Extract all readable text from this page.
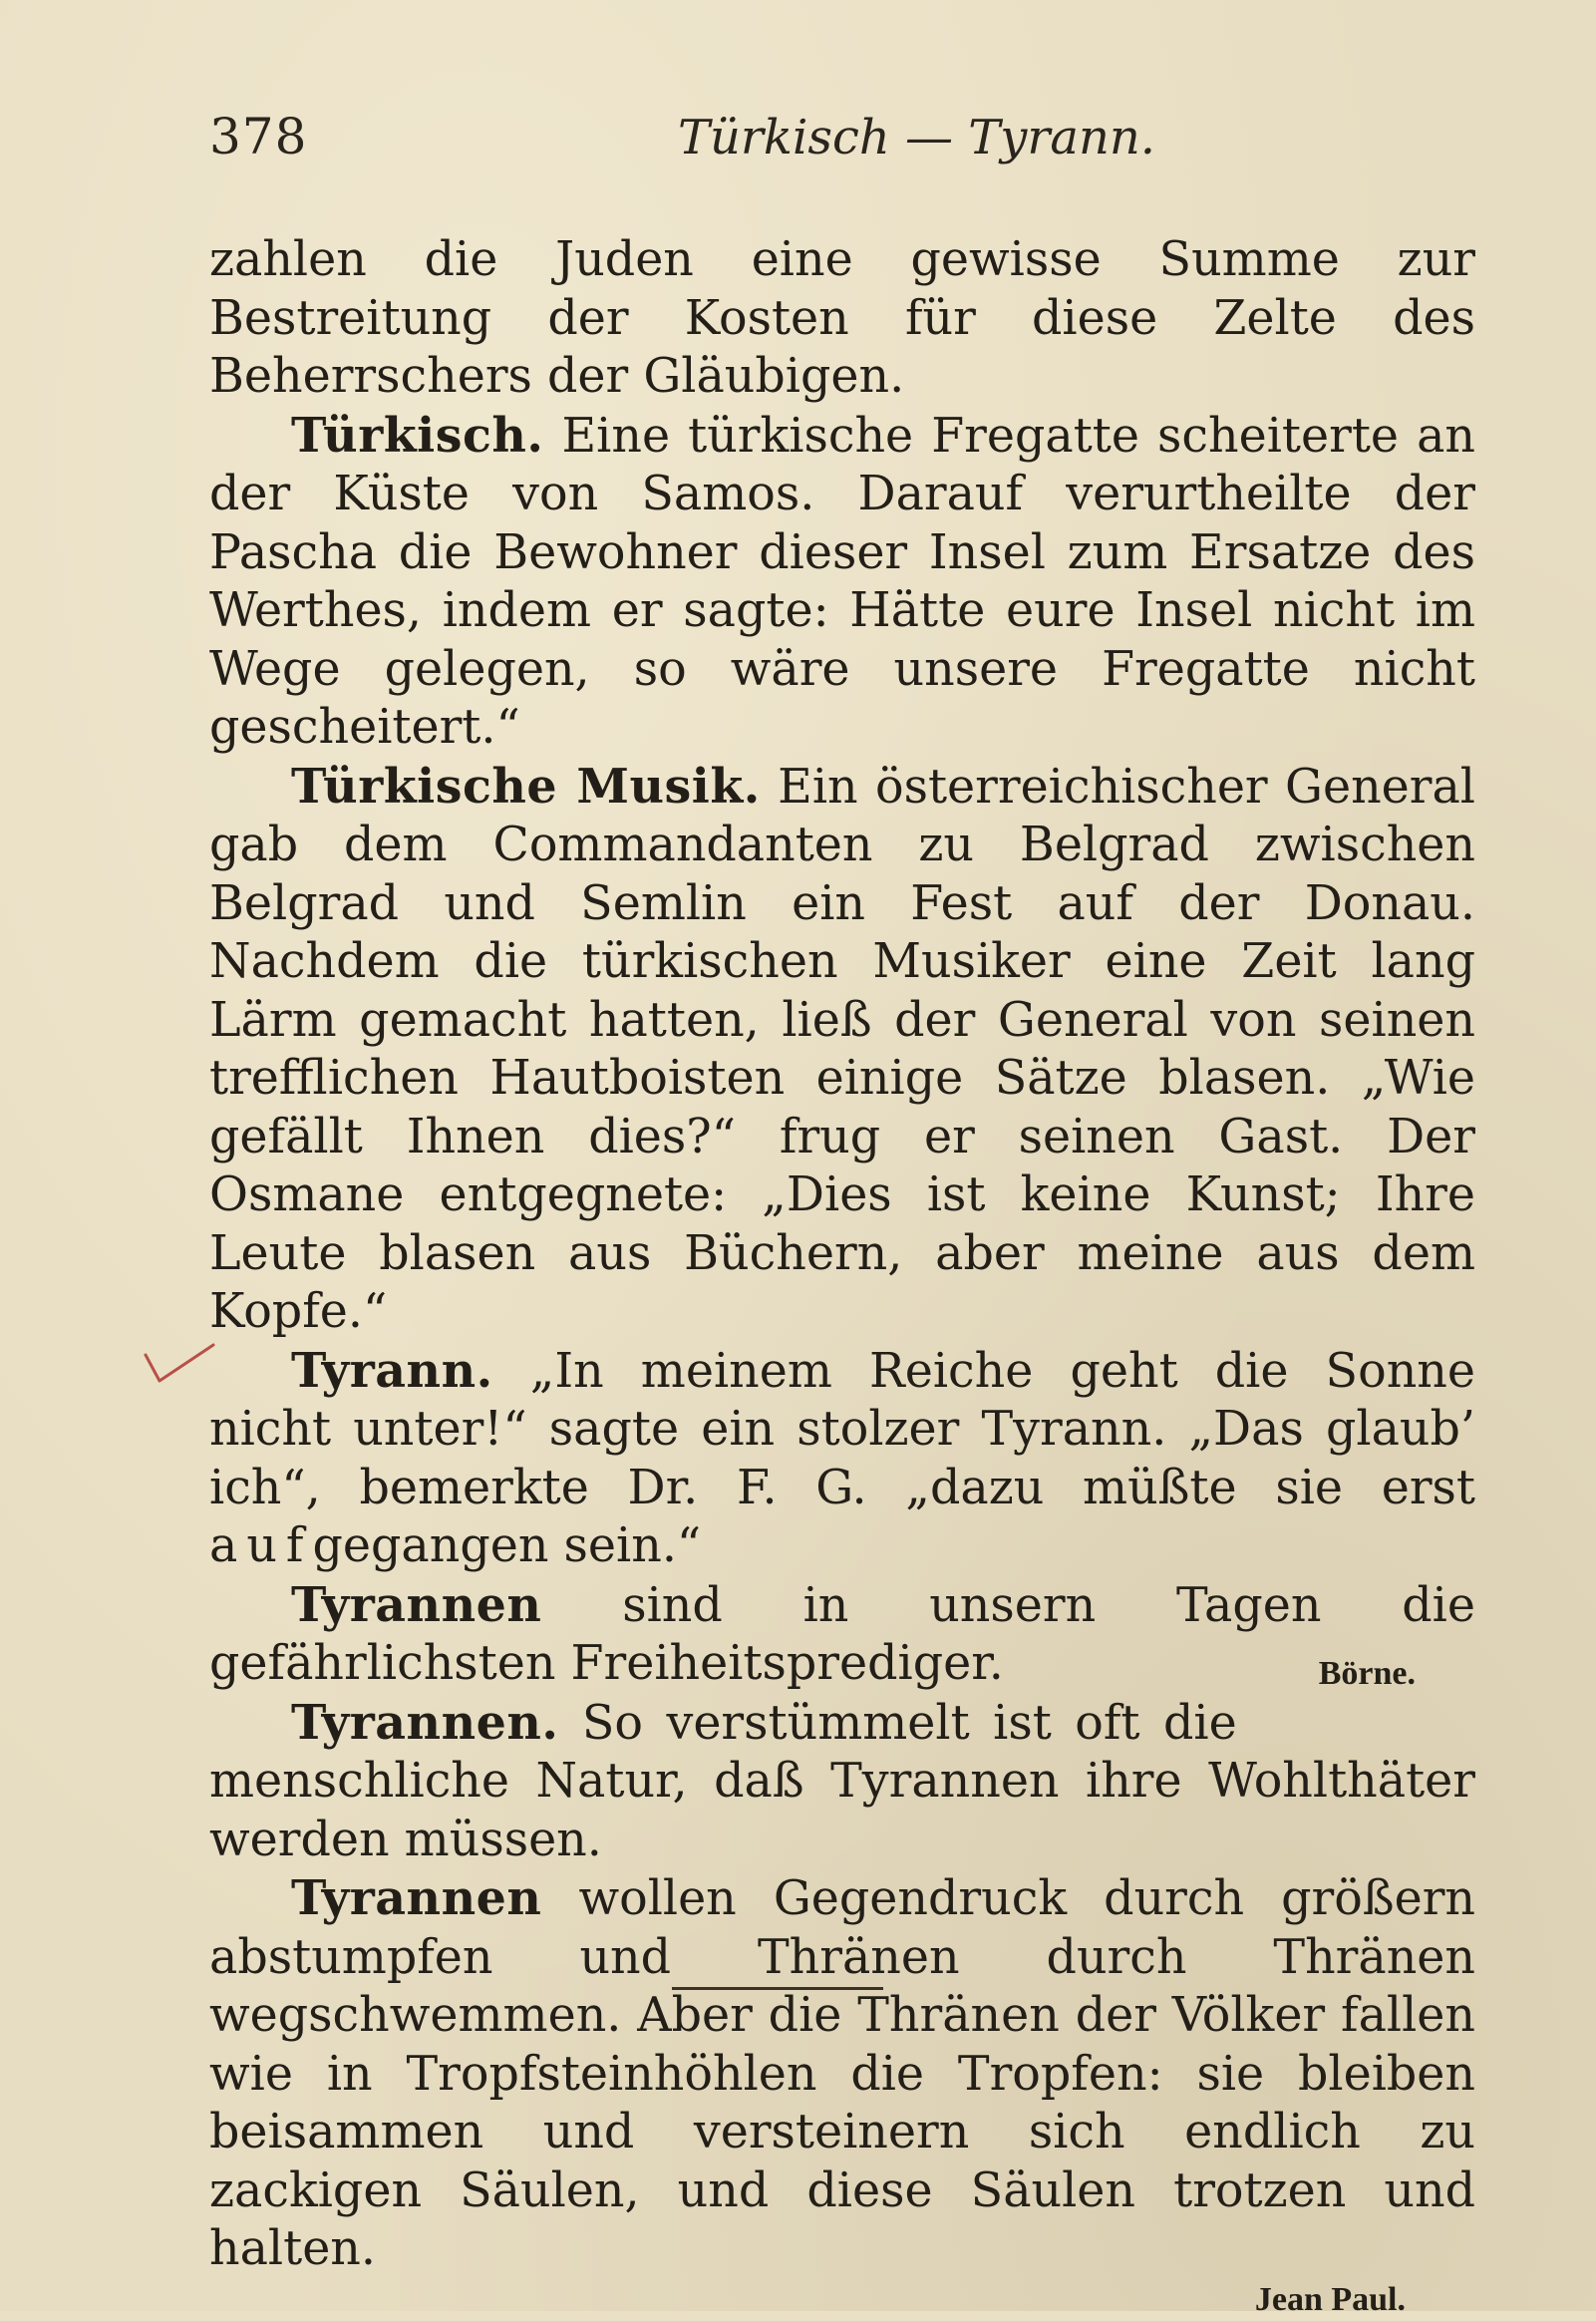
378	Türkisch — Tyrann.

zahlen die Juden eine gewisse Summe zur Bestreitung der Kosten für diese Zelte des Beherrschers der Gläubigen.

Türkisch. Eine türkische Fregatte scheiterte an der Küste von Samos. Darauf verurtheilte der Pascha die Bewohner dieser Insel zum Ersatze des Werthes, indem er sagte: Hätte eure Insel nicht im Wege gelegen, so wäre unsere Fregatte nicht gescheitert.“

Türkische Musik. Ein österreichischer General gab dem Commandanten zu Belgrad zwischen Belgrad und Semlin ein Fest auf der Donau. Nachdem die türkischen Musiker eine Zeit lang Lärm gemacht hatten, ließ der General von seinen trefflichen Hautboisten einige Sätze blasen. „Wie gefällt Ihnen dies?“ frug er seinen Gast. Der Osmane entgegnete: „Dies ist keine Kunst; Ihre Leute blasen aus Büchern, aber meine aus dem Kopfe.“

Tyrann. „In meinem Reiche geht die Sonne nicht unter!“ sagte ein stolzer Tyrann. „Das glaub’ ich“, bemerkte Dr. F. G. „dazu müßte sie erst aufgegangen sein.“

Tyrannen sind in unsern Tagen die gefährlichsten Freiheitsprediger.	Börne.

Tyrannen. So verstümmelt ist oft die menschliche Natur, daß Tyrannen ihre Wohlthäter werden müssen.

Tyrannen wollen Gegendruck durch größern abstumpfen und Thränen durch Thränen wegschwemmen. Aber die Thränen der Völker fallen wie in Tropfsteinhöhlen die Tropfen: sie bleiben beisammen und versteinern sich endlich zu zackigen Säulen, und diese Säulen trotzen und halten.

Jean Paul.
